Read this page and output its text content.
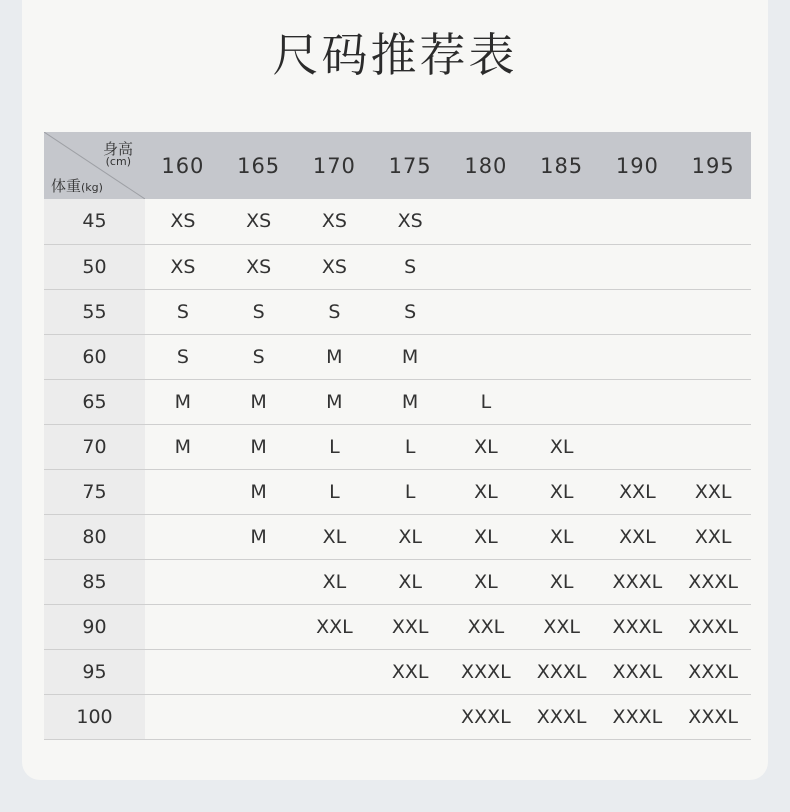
尺码推荐表
身高
(cm)
体重(kg)	160	165	170	175	180	185	190	195
45	XS	XS	XS	XS				
50	XS	XS	XS	S				
55	S	S	S	S				
60	S	S	M	M				
65	M	M	M	M	L			
70	M	M	L	L	XL	XL		
75		M	L	L	XL	XL	XXL	XXL
80		M	XL	XL	XL	XL	XXL	XXL
85			XL	XL	XL	XL	XXXL	XXXL
90			XXL	XXL	XXL	XXL	XXXL	XXXL
95				XXL	XXXL	XXXL	XXXL	XXXL
100					XXXL	XXXL	XXXL	XXXL
